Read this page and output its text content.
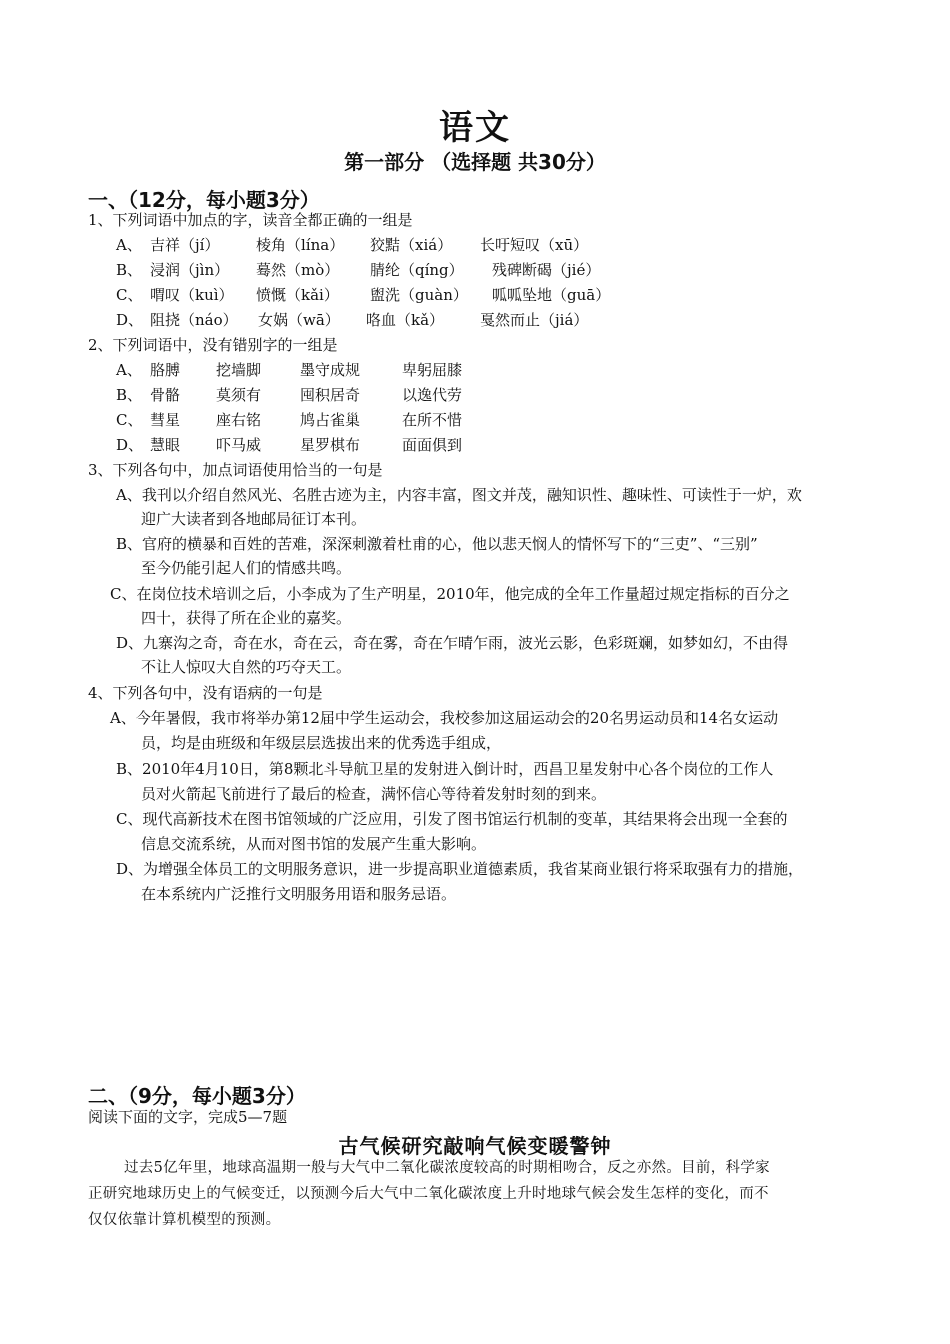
语文
第一部分 （选择题 共30分）
一、（12分，每小题3分）
1、下列词语中加点的字，读音全都正确的一组是
A、 吉祥（jí） 棱角（lína） 狡黠（xiá） 长吁短叹（xū）
B、 浸润（jìn） 蓦然（mò） 腈纶（qíng） 残碑断碣（jié）
C、 喟叹（kuì） 愤慨（kǎi） 盥洗（guàn） 呱呱坠地（guā）
D、 阻挠（náo） 女娲（wā） 咯血（kǎ） 戛然而止（jiá）
2、下列词语中，没有错别字的一组是
A、 胳膊 挖墙脚	墨守成规	卑躬屈膝
B、 骨骼 莫须有	囤积居奇	以逸代劳
C、 彗星 座右铭	鸠占雀巢	在所不惜
D、 慧眼 吓马威	星罗棋布	面面俱到
3、下列各句中，加点词语使用恰当的一句是
A、我刊以介绍自然风光、名胜古迹为主，内容丰富，图文并茂，融知识性、趣味性、可读性于一炉，欢
迎广大读者到各地邮局征订本刊。
B、官府的横暴和百姓的苦难，深深刺激着杜甫的心，他以悲天悯人的情怀写下的“三吏”、“三别”
至今仍能引起人们的情感共鸣。
C、在岗位技术培训之后，小李成为了生产明星，2010年，他完成的全年工作量超过规定指标的百分之
四十，获得了所在企业的嘉奖。
D、九寨沟之奇，奇在水，奇在云，奇在雾，奇在乍晴乍雨，波光云影，色彩斑斓，如梦如幻，不由得
不让人惊叹大自然的巧夺天工。
4、下列各句中，没有语病的一句是
A、今年暑假，我市将举办第12届中学生运动会，我校参加这届运动会的20名男运动员和14名女运动
员，均是由班级和年级层层选拔出来的优秀选手组成，
B、2010年4月10日，第8颗北斗导航卫星的发射进入倒计时，西昌卫星发射中心各个岗位的工作人
员对火箭起飞前进行了最后的检查，满怀信心等待着发射时刻的到来。
C、现代高新技术在图书馆领域的广泛应用，引发了图书馆运行机制的变革，其结果将会出现一全套的
信息交流系统，从而对图书馆的发展产生重大影响。
D、为增强全体员工的文明服务意识，进一步提高职业道德素质，我省某商业银行将采取强有力的措施，
在本系统内广泛推行文明服务用语和服务忌语。
二、（9分，每小题3分）
阅读下面的文字，完成5—7题
古气候研究敲响气候变暖警钟
过去5亿年里，地球高温期一般与大气中二氧化碳浓度较高的时期相吻合，反之亦然。目前，科学家
正研究地球历史上的气候变迁，以预测今后大气中二氧化碳浓度上升时地球气候会发生怎样的变化，而不
仅仅依靠计算机模型的预测。
